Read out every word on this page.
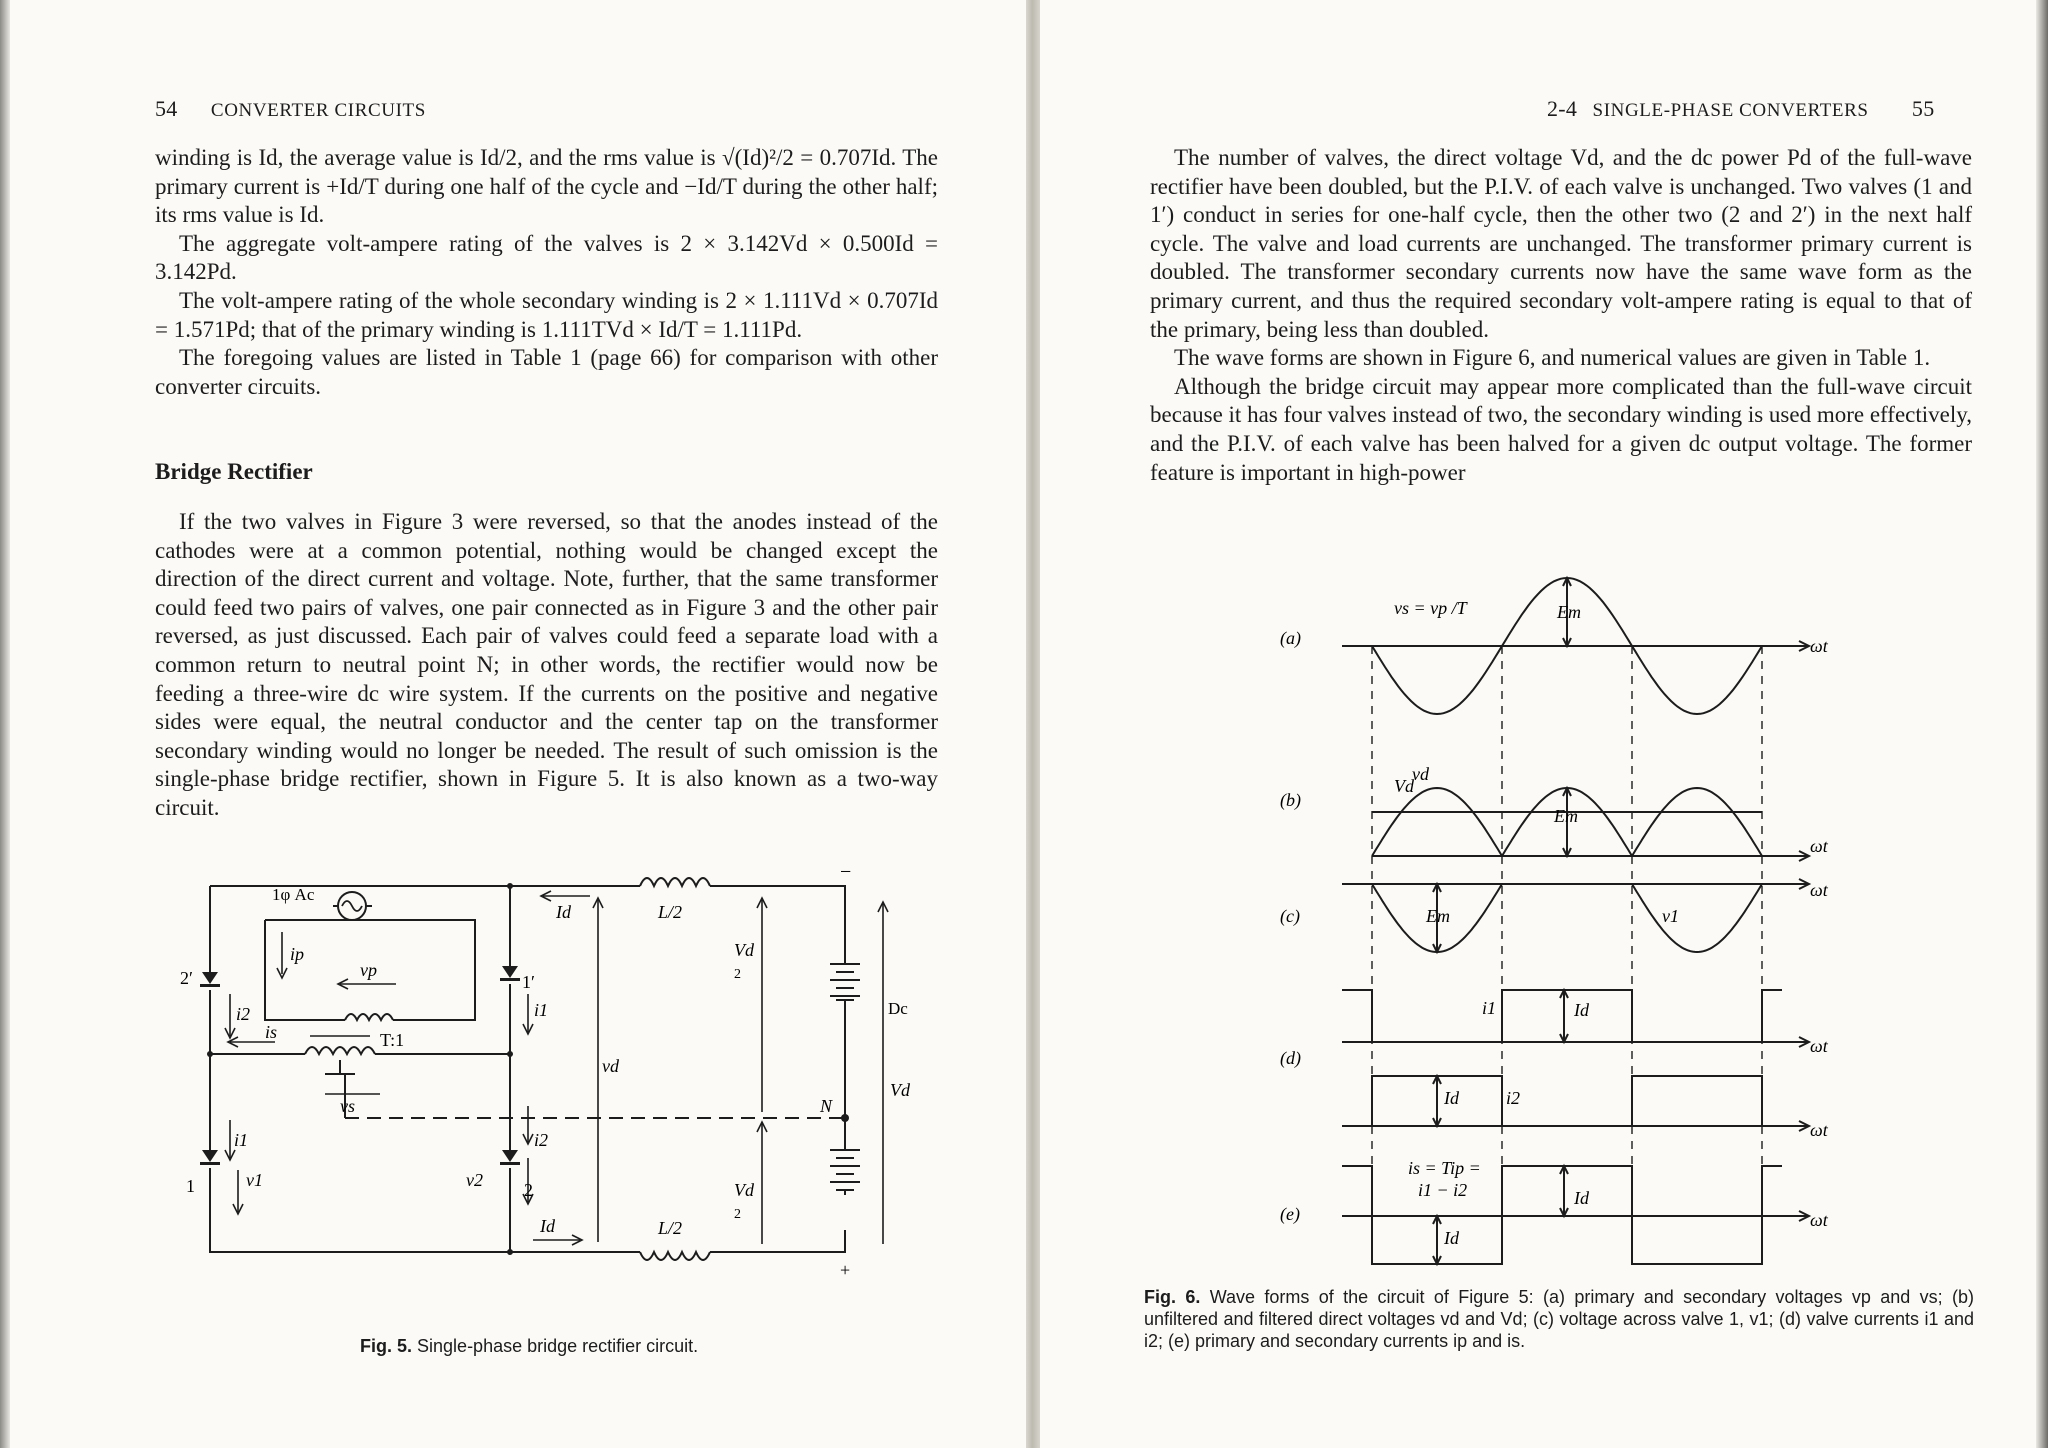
54 CONVERTER CIRCUITS

winding is Id, the average value is Id/2, and the rms value is √(Id)²/2 = 0.707Id. The primary current is +Id/T during one half of the cycle and −Id/T during the other half; its rms value is Id.

The aggregate volt-ampere rating of the valves is 2 × 3.142Vd × 0.500Id = 3.142Pd.

The volt-ampere rating of the whole secondary winding is 2 × 1.111Vd × 0.707Id = 1.571Pd; that of the primary winding is 1.111TVd × Id/T = 1.111Pd.

The foregoing values are listed in Table 1 (page 66) for comparison with other converter circuits.

Bridge Rectifier

If the two valves in Figure 3 were reversed, so that the anodes instead of the cathodes were at a common potential, nothing would be changed except the direction of the direct current and voltage. Note, further, that the same transformer could feed two pairs of valves, one pair connected as in Figure 3 and the other pair reversed, as just discussed. Each pair of valves could feed a separate load with a common return to neutral point N; in other words, the rectifier would now be feeding a three-wire dc wire system. If the currents on the positive and negative sides were equal, the neutral conductor and the center tap on the transformer secondary winding would no longer be needed. The result of such omission is the single-phase bridge rectifier, shown in Figure 5. It is also known as a two-way circuit.

1φ Ac
ip
vp
is
vs
T:1
i2
i1
v1	v2
i1
i2
1
1′
2
2′
Id
Id
L/2
L/2
vd
Vd
2
Vd
2
N
−
+
Dc
Vd
Fig. 5. Single-phase bridge rectifier circuit.
2-4 SINGLE-PHASE CONVERTERS 55

The number of valves, the direct voltage Vd, and the dc power Pd of the full-wave rectifier have been doubled, but the P.I.V. of each valve is unchanged. Two valves (1 and 1′) conduct in series for one-half cycle, then the other two (2 and 2′) in the next half cycle. The valve and load currents are unchanged. The transformer primary current is doubled. The transformer secondary currents now have the same wave form as the primary current, and thus the required secondary volt-ampere rating is equal to that of the primary, being less than doubled.

The wave forms are shown in Figure 6, and numerical values are given in Table 1.

Although the bridge circuit may appear more complicated than the full-wave circuit because it has four valves instead of two, the secondary winding is used more effectively, and the P.I.V. of each valve has been halved for a given dc output voltage. The former feature is important in high-power

(a)
(b)
(c)
(d)
(e)
ωt
ωt
ωt
ωt
ωt
ωt
vs = vp /T	Em
vd
Vd
Em
Em	v1
i1	Id
Id	i2
is = Tip =
i1 − i2	Id
Id
Fig. 6. Wave forms of the circuit of Figure 5: (a) primary and secondary voltages vp and vs; (b) unfiltered and filtered direct voltages vd and Vd; (c) voltage across valve 1, v1; (d) valve currents i1 and i2; (e) primary and secondary currents ip and is.
